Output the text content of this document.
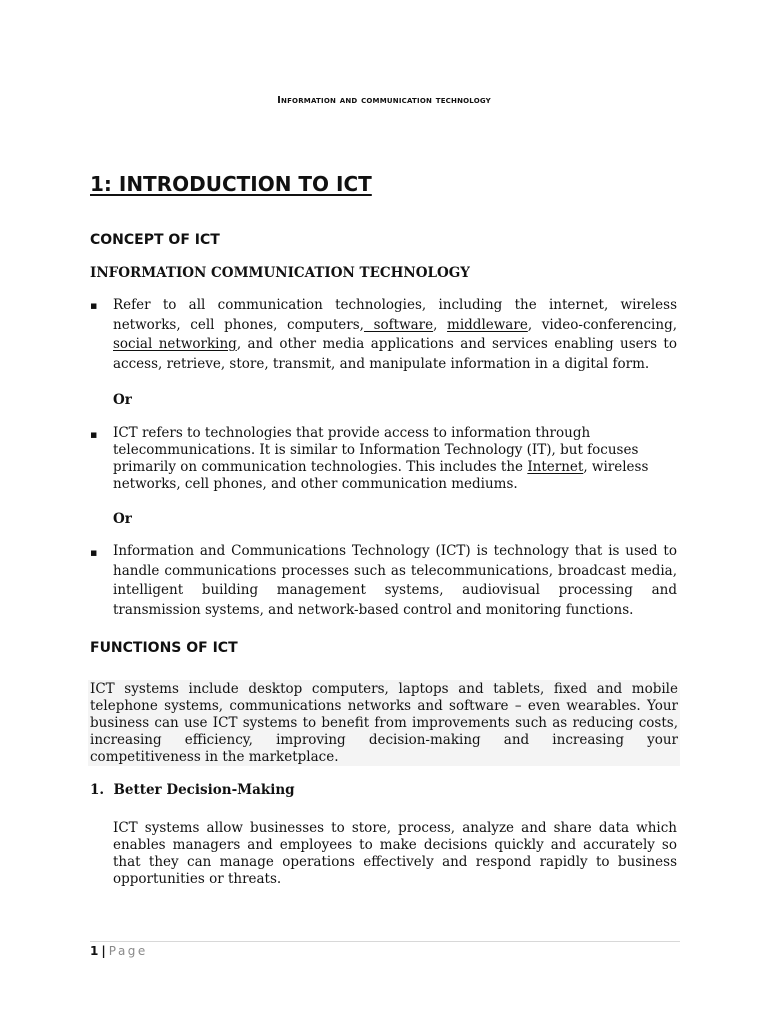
Information and communication technology
1: INTRODUCTION TO ICT
CONCEPT OF ICT
INFORMATION COMMUNICATION TECHNOLOGY
▪ Refer to all communication technologies, including the internet, wireless networks, cell phones, computers, software, middleware, video-conferencing, social networking, and other media applications and services enabling users to access, retrieve, store, transmit, and manipulate information in a digital form.
Or
▪ ICT refers to technologies that provide access to information through telecommunications. It is similar to Information Technology (IT), but focuses primarily on communication technologies. This includes the Internet, wireless networks, cell phones, and other communication mediums.
Or
▪ Information and Communications Technology (ICT) is technology that is used to handle communications processes such as telecommunications, broadcast media, intelligent building management systems, audiovisual processing and transmission systems, and network-based control and monitoring functions.
FUNCTIONS OF ICT
ICT systems include desktop computers, laptops and tablets, fixed and mobile telephone systems, communications networks and software – even wearables. Your business can use ICT systems to benefit from improvements such as reducing costs, increasing efficiency, improving decision-making and increasing your competitiveness in the marketplace.
1. Better Decision-Making
ICT systems allow businesses to store, process, analyze and share data which enables managers and employees to make decisions quickly and accurately so that they can manage operations effectively and respond rapidly to business opportunities or threats.
1 | Page
